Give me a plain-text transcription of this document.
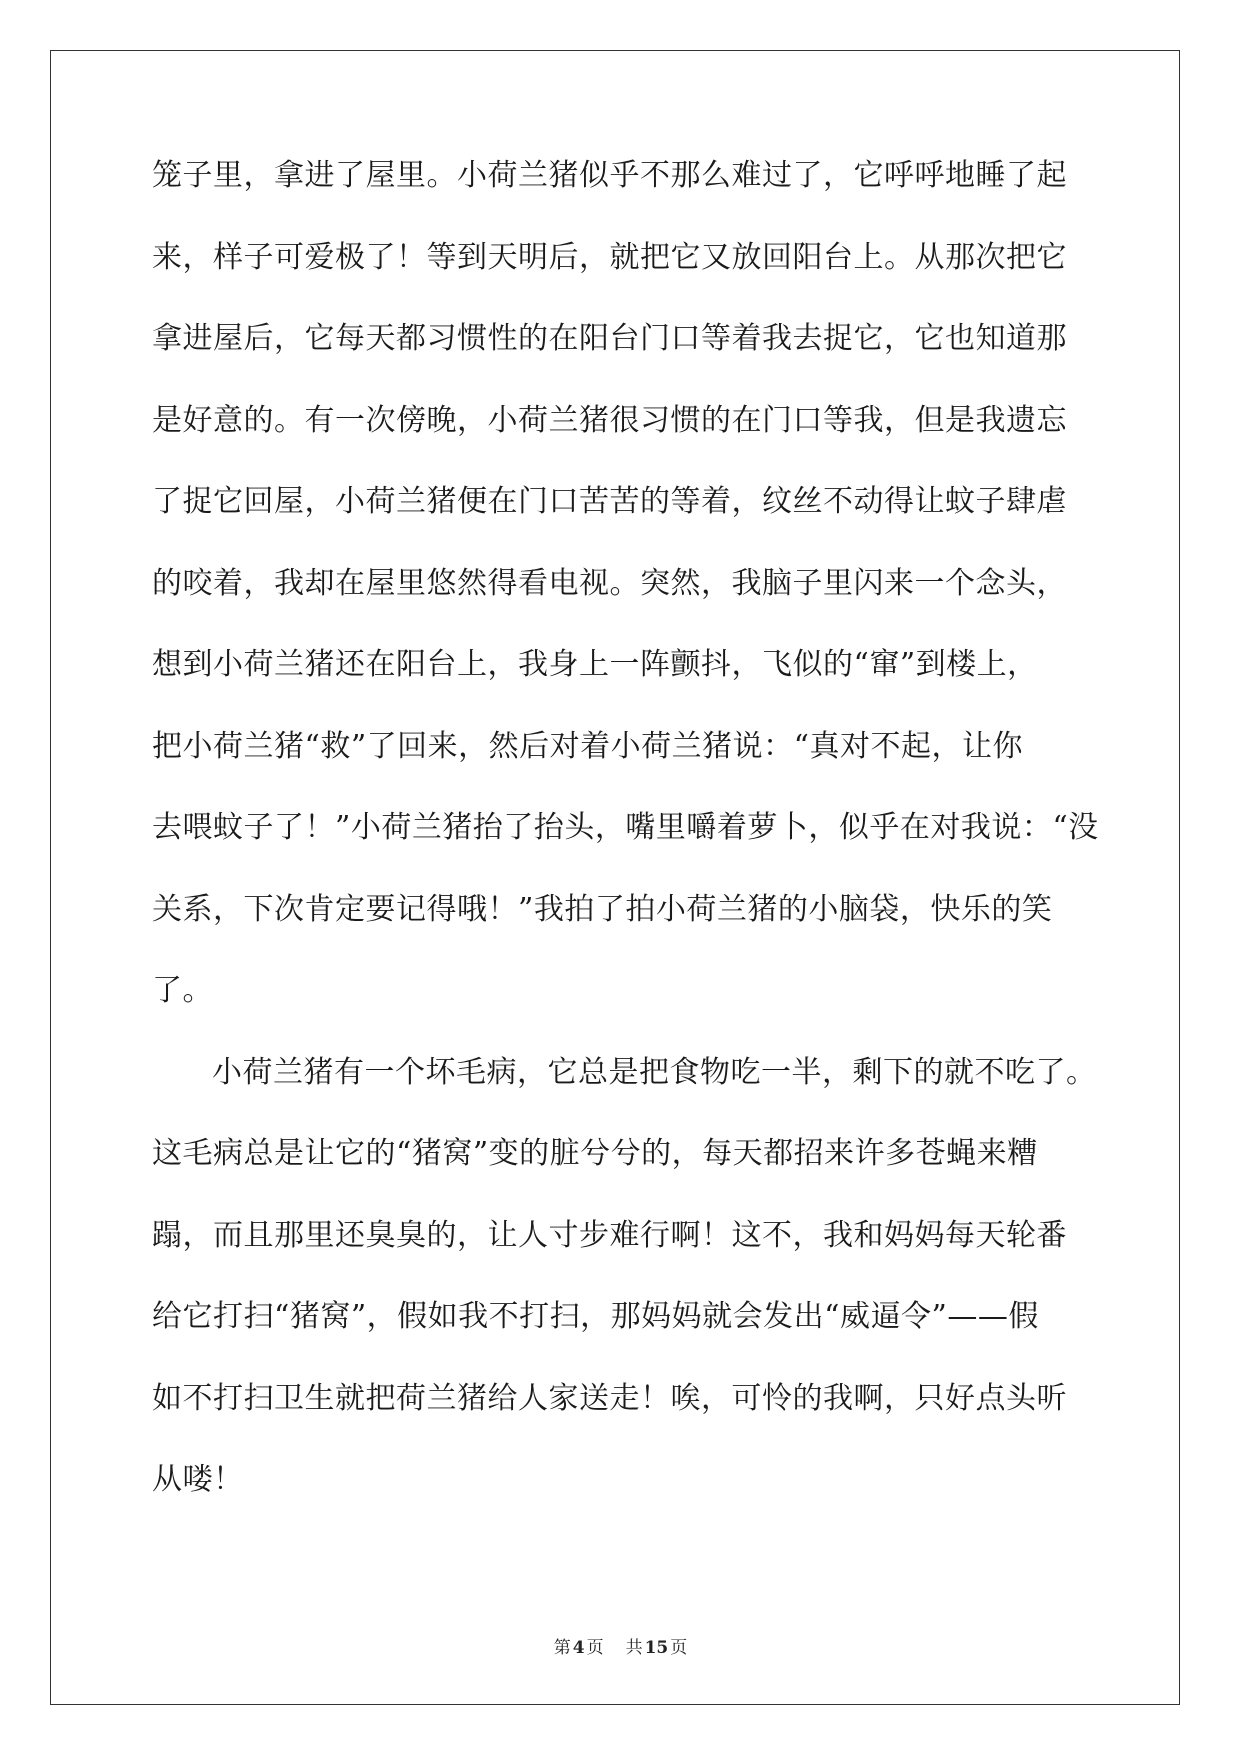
笼子里，拿进了屋里。小荷兰猪似乎不那么难过了，它呼呼地睡了起
来，样子可爱极了！等到天明后，就把它又放回阳台上。从那次把它
拿进屋后，它每天都习惯性的在阳台门口等着我去捉它，它也知道那
是好意的。有一次傍晚，小荷兰猪很习惯的在门口等我，但是我遗忘
了捉它回屋，小荷兰猪便在门口苦苦的等着，纹丝不动得让蚊子肆虐
的咬着，我却在屋里悠然得看电视。突然，我脑子里闪来一个念头，
想到小荷兰猪还在阳台上，我身上一阵颤抖，飞似的“窜”到楼上，
把小荷兰猪“救”了回来，然后对着小荷兰猪说：“真对不起，让你
去喂蚊子了！”小荷兰猪抬了抬头，嘴里嚼着萝卜，似乎在对我说：“没
关系，下次肯定要记得哦！”我拍了拍小荷兰猪的小脑袋，快乐的笑
了。
小荷兰猪有一个坏毛病，它总是把食物吃一半，剩下的就不吃了。
这毛病总是让它的“猪窝”变的脏兮兮的，每天都招来许多苍蝇来糟
蹋，而且那里还臭臭的，让人寸步难行啊！这不，我和妈妈每天轮番
给它打扫“猪窝”，假如我不打扫，那妈妈就会发出“威逼令”——假
如不打扫卫生就把荷兰猪给人家送走！唉，可怜的我啊，只好点头听
从喽！
第 4 页 共 15 页
